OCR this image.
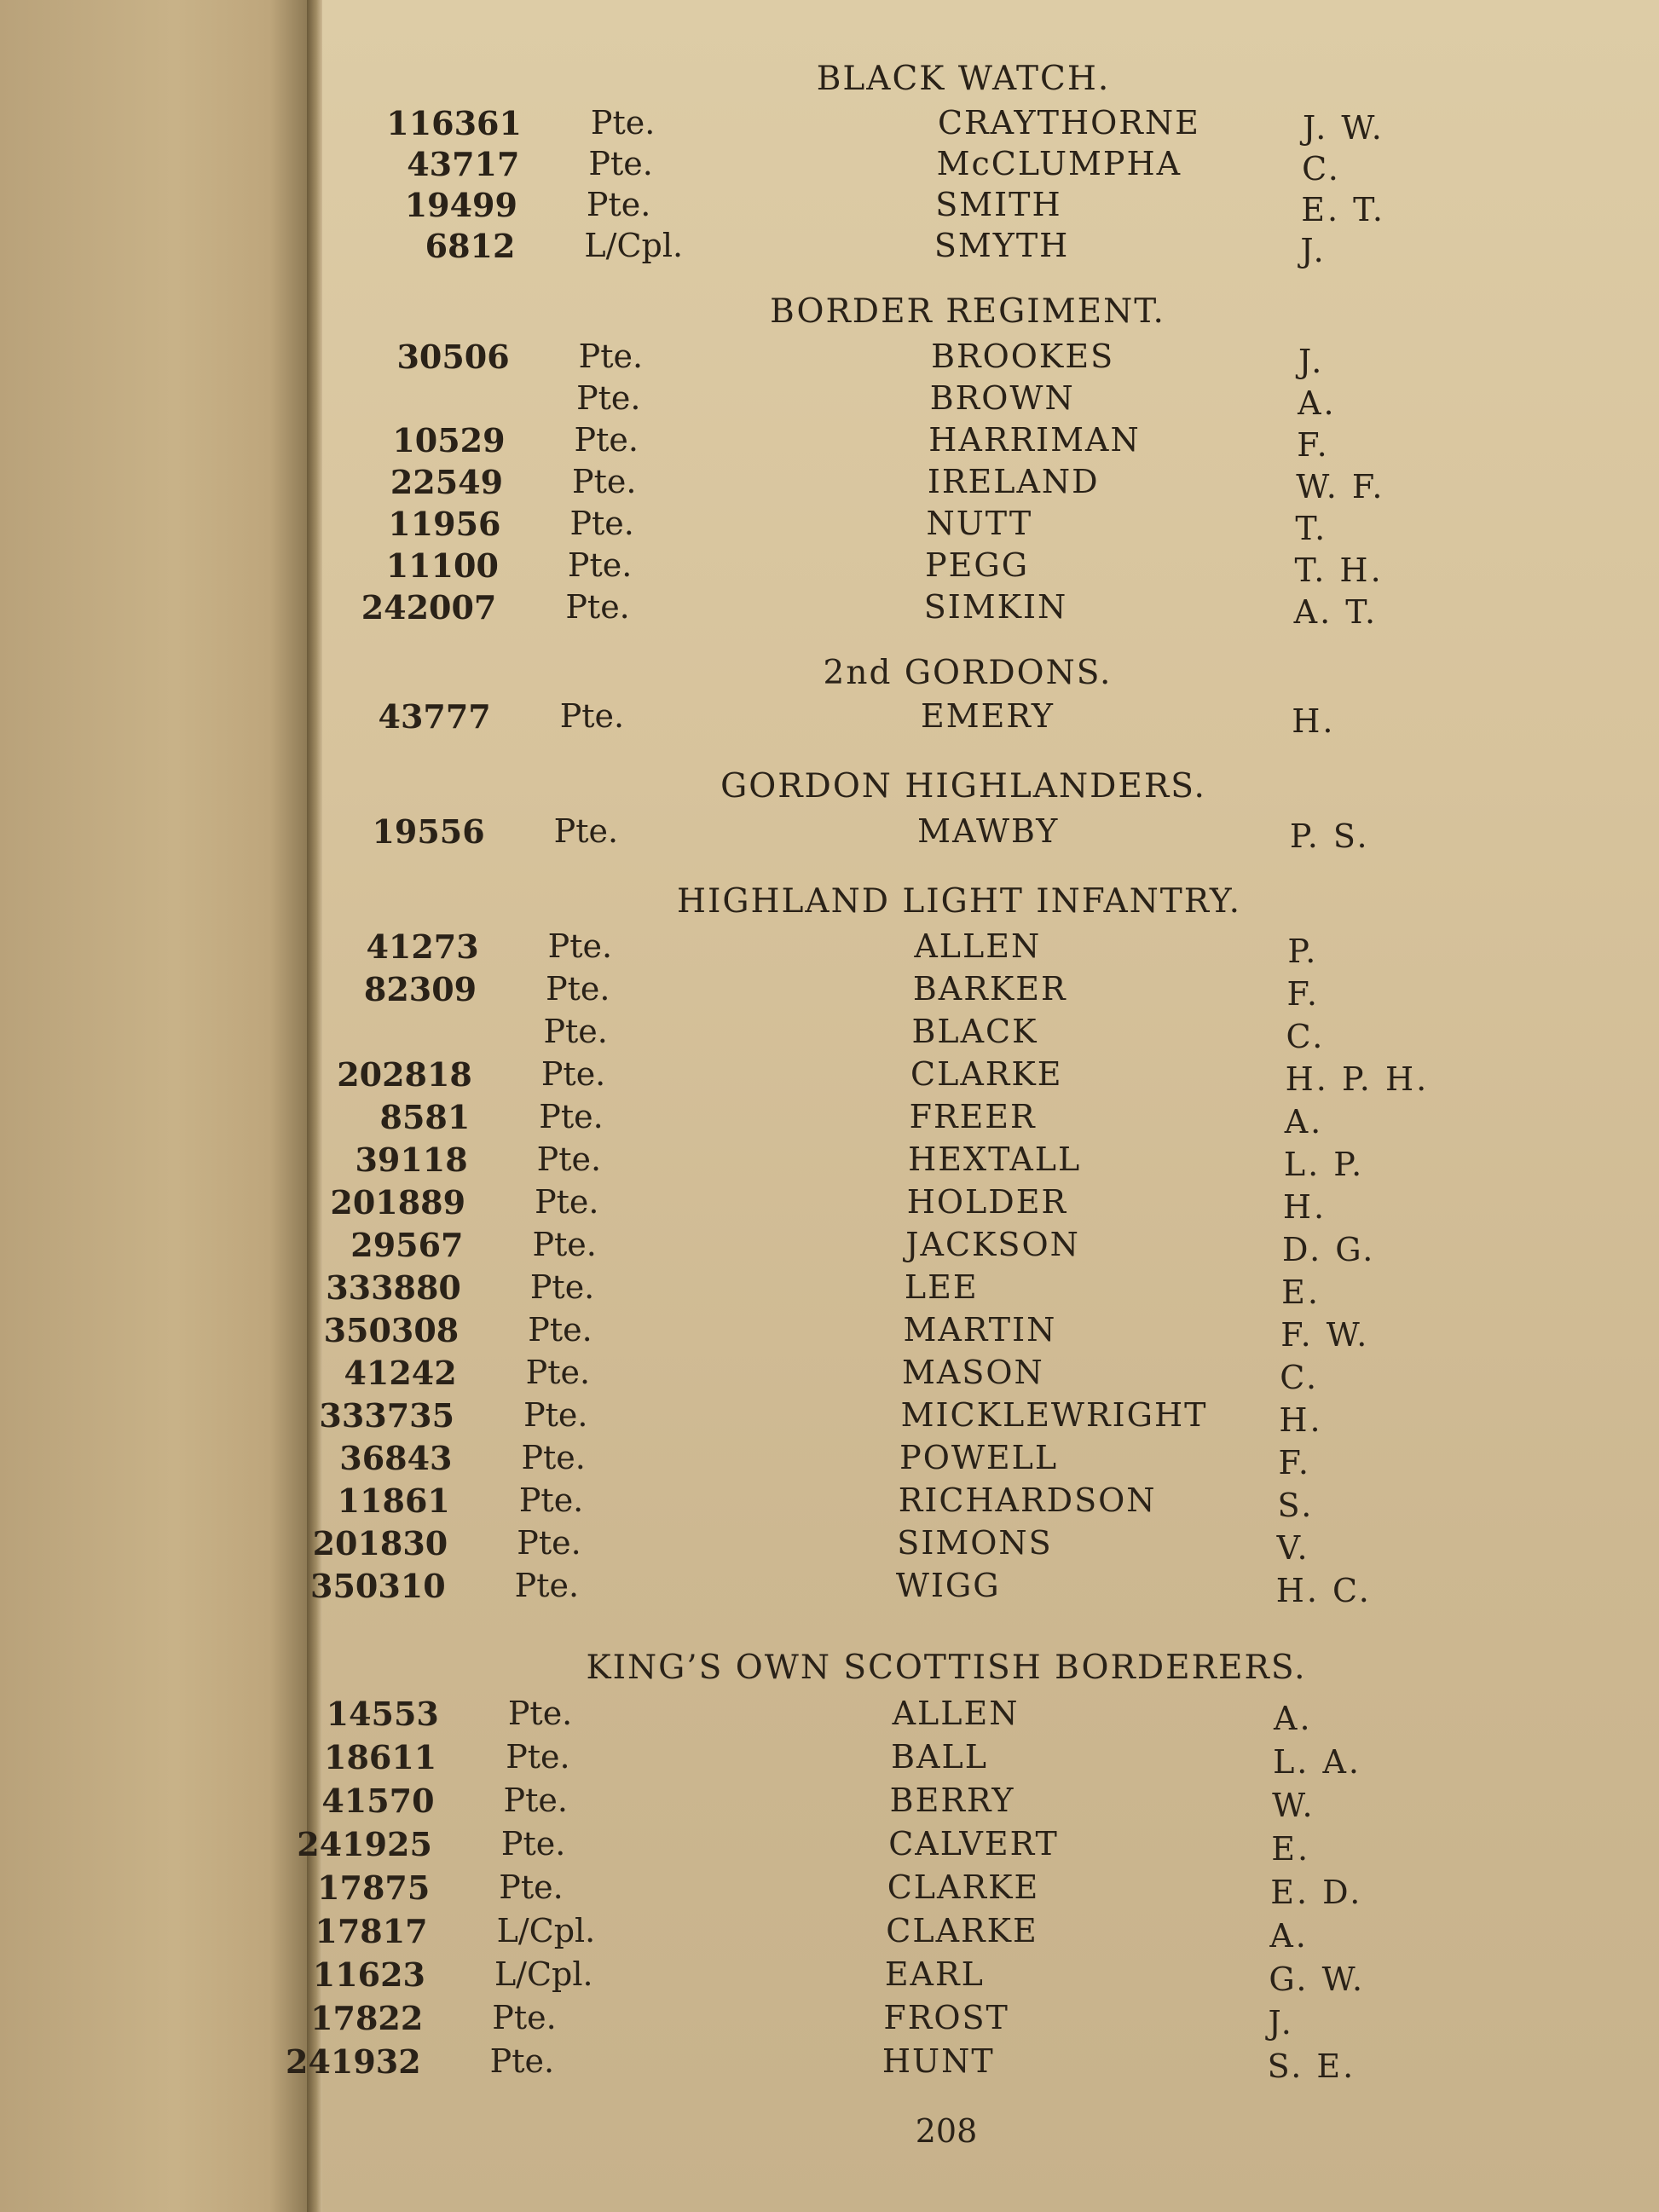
BLACK WATCH.
116361 Pte.	CRAYTHORNE	J. W.
43717 Pte.	McCLUMPHA	C.
19499 Pte.	SMITH	E. T.
6812 L/Cpl.	SMYTH	J.
BORDER REGIMENT.
30506 Pte.	BROOKES	J.
Pte.	BROWN	A.
10529 Pte.	HARRIMAN	F.
22549 Pte.	IRELAND	W. F.
11956 Pte.	NUTT	T.
11100 Pte.	PEGG	T. H.
242007 Pte.	SIMKIN	A. T.
2nd GORDONS.
43777 Pte.	EMERY	H.
GORDON HIGHLANDERS.
19556 Pte.	MAWBY	P. S.
HIGHLAND LIGHT INFANTRY.
41273 Pte.	ALLEN	P.
82309 Pte.	BARKER	F.
Pte.	BLACK	C.
202818 Pte.	CLARKE	H. P. H.
8581 Pte.	FREER	A.
39118 Pte.	HEXTALL	L. P.
201889 Pte.	HOLDER	H.
29567 Pte.	JACKSON	D. G.
333880 Pte.	LEE	E.
350308 Pte.	MARTIN	F. W.
41242 Pte.	MASON	C.
333735 Pte.	MICKLEWRIGHT H.
36843 Pte.	POWELL	F.
11861 Pte.	RICHARDSON	S.
201830 Pte.	SIMONS	V.
350310 Pte.	WIGG	H. C.
KING’S OWN SCOTTISH BORDERERS.
14553 Pte.	ALLEN	A.
18611 Pte.	BALL	L. A.
41570 Pte.	BERRY	W.
241925 Pte.	CALVERT	E.
17875 Pte.	CLARKE	E. D.
17817 L/Cpl.	CLARKE	A.
11623 L/Cpl.	EARL	G. W.
17822 Pte.	FROST	J.
241932 Pte.	HUNT	S. E.
208
